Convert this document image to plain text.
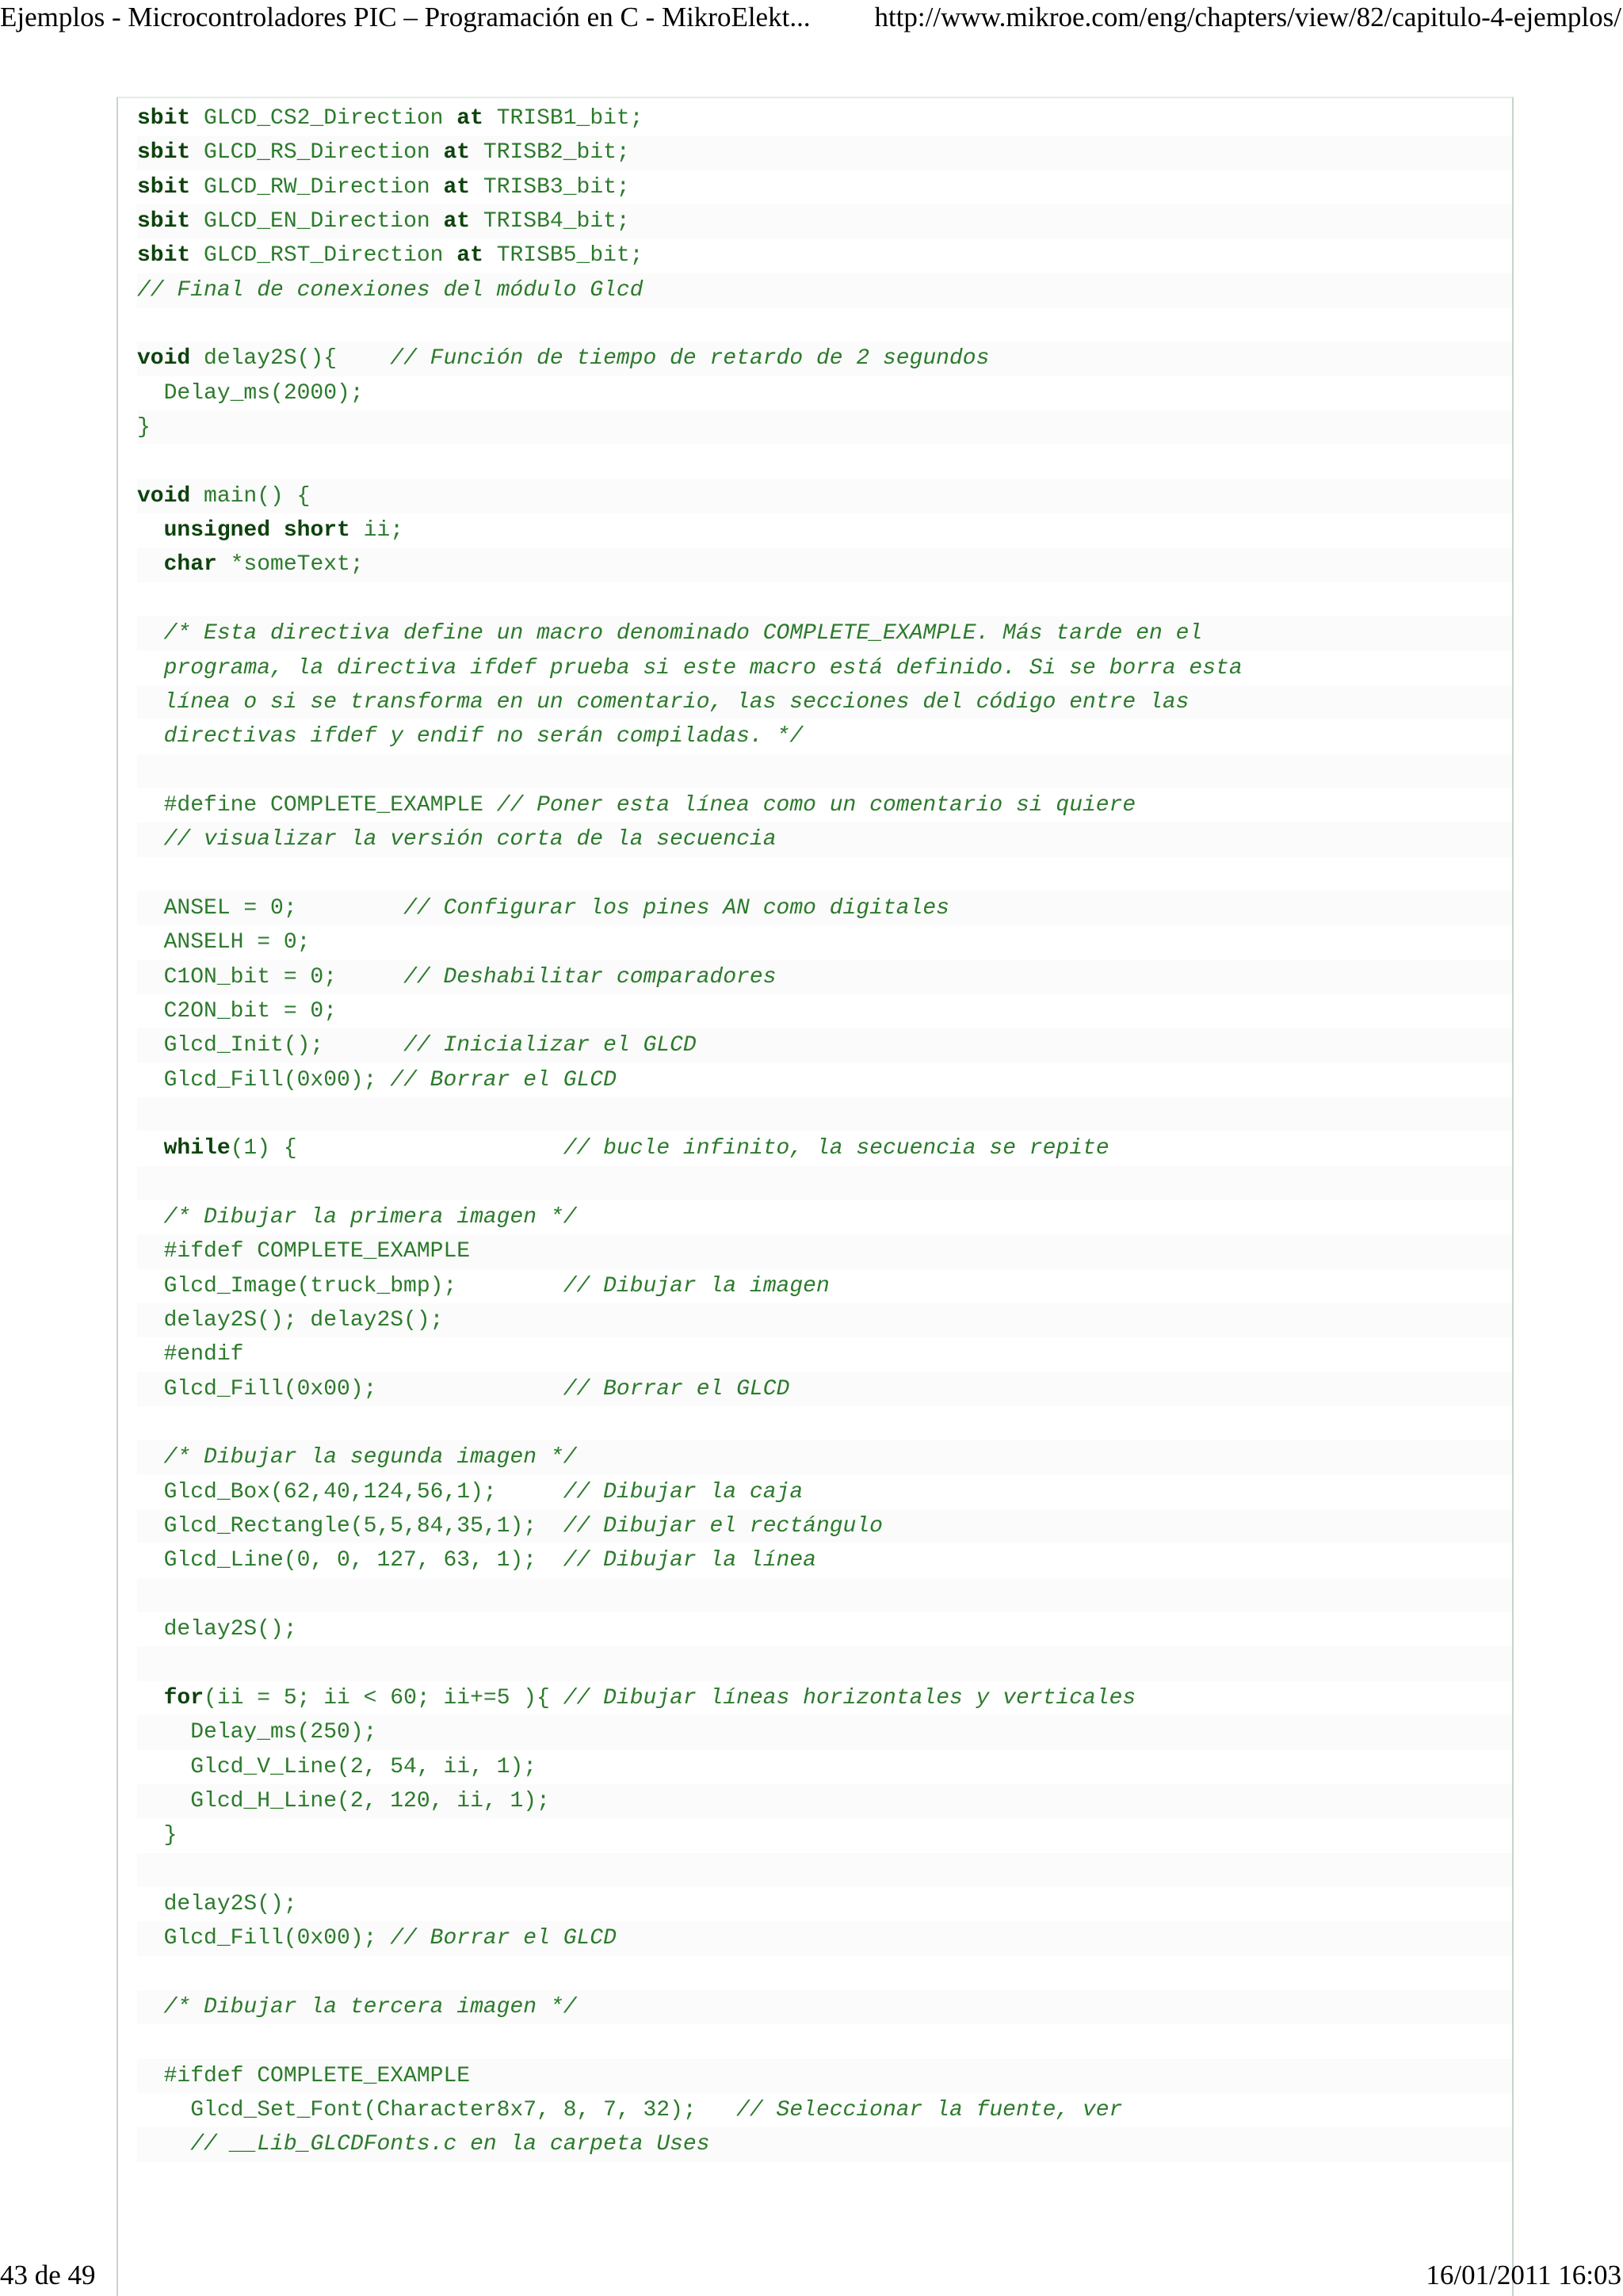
Ejemplos - Microcontroladores PIC – Programación en C - MikroElekt... http://www.mikroe.com/eng/chapters/view/82/capitulo-4-ejemplos/
sbit GLCD_CS2_Direction at TRISB1_bit;
sbit GLCD_RS_Direction at TRISB2_bit;
sbit GLCD_RW_Direction at TRISB3_bit;
sbit GLCD_EN_Direction at TRISB4_bit;
sbit GLCD_RST_Direction at TRISB5_bit;
// Final de conexiones del módulo Glcd

void delay2S(){    // Función de tiempo de retardo de 2 segundos
Delay_ms(2000);
}

void main() {
unsigned short ii;
char *someText;

/* Esta directiva define un macro denominado COMPLETE_EXAMPLE. Más tarde en el
programa, la directiva ifdef prueba si este macro está definido. Si se borra esta
línea o si se transforma en un comentario, las secciones del código entre las
directivas ifdef y endif no serán compiladas. */

#define COMPLETE_EXAMPLE // Poner esta línea como un comentario si quiere
// visualizar la versión corta de la secuencia

ANSEL = 0;        // Configurar los pines AN como digitales
ANSELH = 0;
C1ON_bit = 0;     // Deshabilitar comparadores
C2ON_bit = 0;
Glcd_Init();      // Inicializar el GLCD
Glcd_Fill(0x00); // Borrar el GLCD

while(1) {                    // bucle infinito, la secuencia se repite

/* Dibujar la primera imagen */
#ifdef COMPLETE_EXAMPLE
Glcd_Image(truck_bmp);        // Dibujar la imagen
delay2S(); delay2S();
#endif
Glcd_Fill(0x00);              // Borrar el GLCD

/* Dibujar la segunda imagen */
Glcd_Box(62,40,124,56,1);     // Dibujar la caja
Glcd_Rectangle(5,5,84,35,1);  // Dibujar el rectángulo
Glcd_Line(0, 0, 127, 63, 1);  // Dibujar la línea

delay2S();

for(ii = 5; ii < 60; ii+=5 ){ // Dibujar líneas horizontales y verticales
Delay_ms(250);
Glcd_V_Line(2, 54, ii, 1);
Glcd_H_Line(2, 120, ii, 1);
}

delay2S();
Glcd_Fill(0x00); // Borrar el GLCD

/* Dibujar la tercera imagen */

#ifdef COMPLETE_EXAMPLE
Glcd_Set_Font(Character8x7, 8, 7, 32);   // Seleccionar la fuente, ver
// __Lib_GLCDFonts.c en la carpeta Uses

43 de 49	16/01/2011 16:03
